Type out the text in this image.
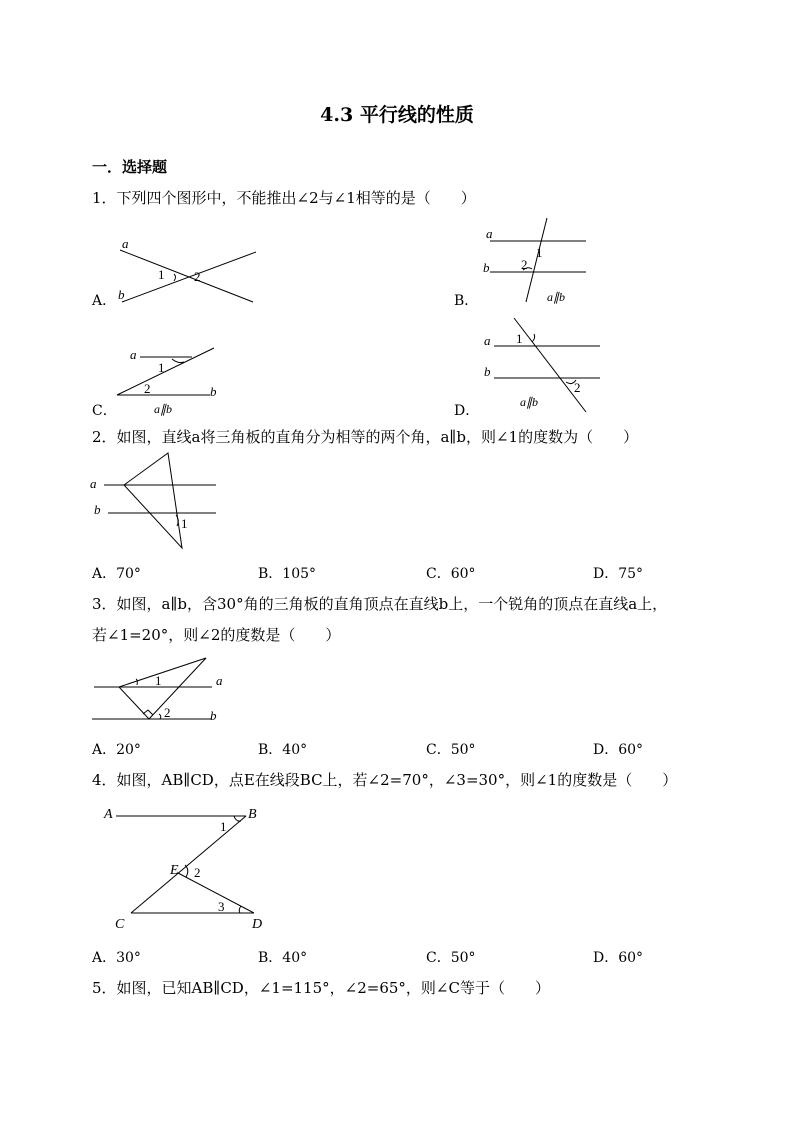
4.3 平行线的性质
一．选择题
1．下列四个图形中，不能推出∠2与∠1相等的是（　　）
a
b
1 2
A．
a
b
1
2
a∥b
B．
a
b
1
2
a∥b
C．
a
b
1
2
a∥b
D．
2．如图，直线a将三角板的直角分为相等的两个角，a∥b，则∠1的度数为（　　）
a
b
1
A．70°	B．105°	C．60°	D．75°
3．如图，a∥b，含30°角的三角板的直角顶点在直线b上，一个锐角的顶点在直线a上，
若∠1=20°，则∠2的度数是（　　）
a
b
1
2
A．20°	B．40°	C．50°	D．60°
4．如图，AB∥CD，点E在线段BC上，若∠2=70°，∠3=30°，则∠1的度数是（　　）
A	B
C	D
E
1
2
3
A．30°	B．40°	C．50°	D．60°
5．如图，已知AB∥CD，∠1=115°，∠2=65°，则∠C等于（　　）
